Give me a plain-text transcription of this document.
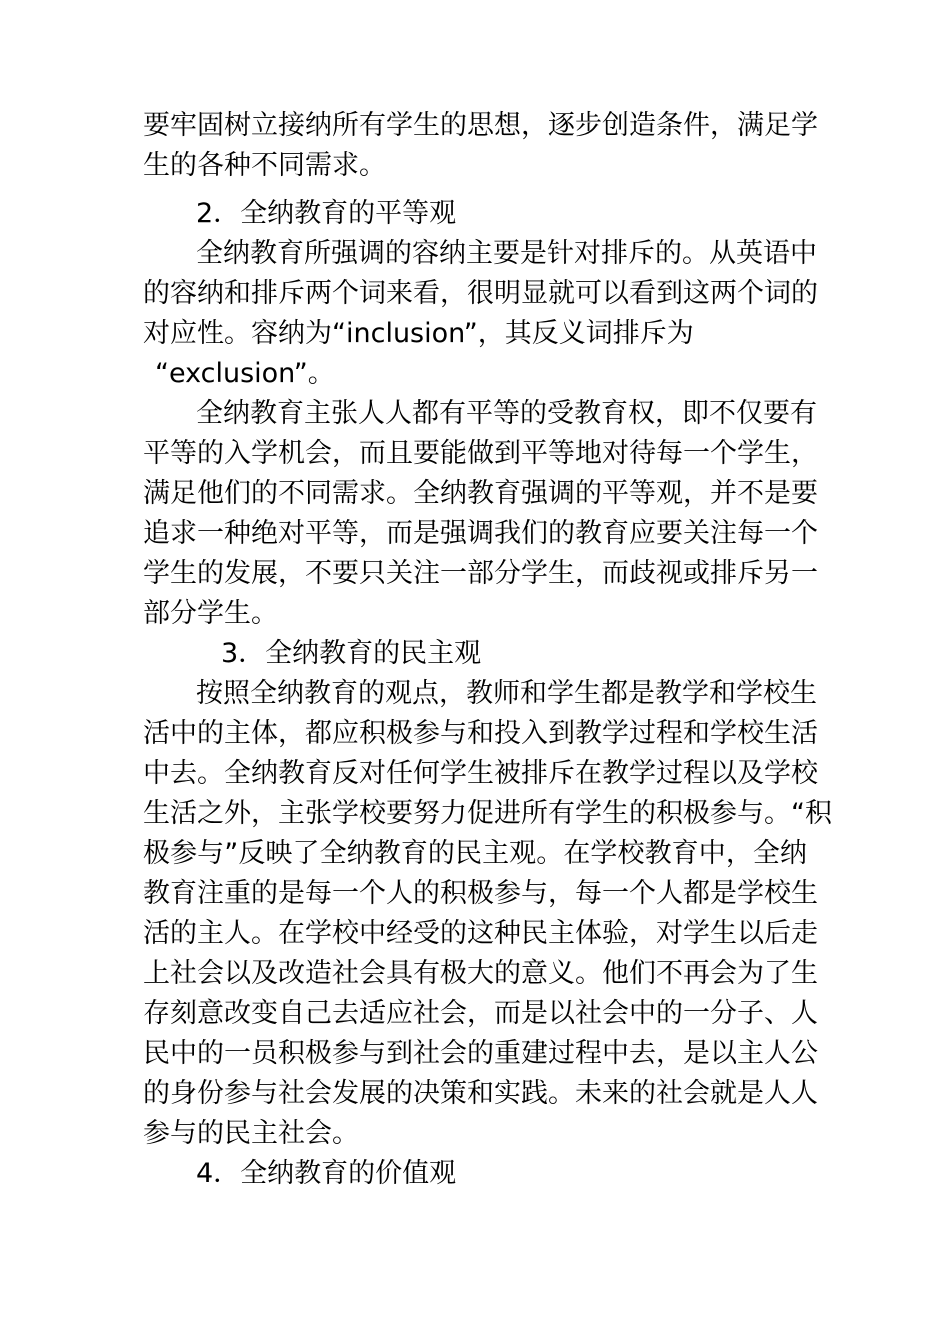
要牢固树立接纳所有学生的思想，逐步创造条件，满足学
生的各种不同需求。
2．全纳教育的平等观
全纳教育所强调的容纳主要是针对排斥的。从英语中
的容纳和排斥两个词来看，很明显就可以看到这两个词的
对应性。容纳为“inclusion”，其反义词排斥为
“exclusion”。
全纳教育主张人人都有平等的受教育权，即不仅要有
平等的入学机会，而且要能做到平等地对待每一个学生，
满足他们的不同需求。全纳教育强调的平等观，并不是要
追求一种绝对平等，而是强调我们的教育应要关注每一个
学生的发展，不要只关注一部分学生，而歧视或排斥另一
部分学生。
3．全纳教育的民主观
按照全纳教育的观点，教师和学生都是教学和学校生
活中的主体，都应积极参与和投入到教学过程和学校生活
中去。全纳教育反对任何学生被排斥在教学过程以及学校
生活之外，主张学校要努力促进所有学生的积极参与。“积
极参与”反映了全纳教育的民主观。在学校教育中，全纳
教育注重的是每一个人的积极参与，每一个人都是学校生
活的主人。在学校中经受的这种民主体验，对学生以后走
上社会以及改造社会具有极大的意义。他们不再会为了生
存刻意改变自己去适应社会，而是以社会中的一分子、人
民中的一员积极参与到社会的重建过程中去，是以主人公
的身份参与社会发展的决策和实践。未来的社会就是人人
参与的民主社会。
4．全纳教育的价值观
